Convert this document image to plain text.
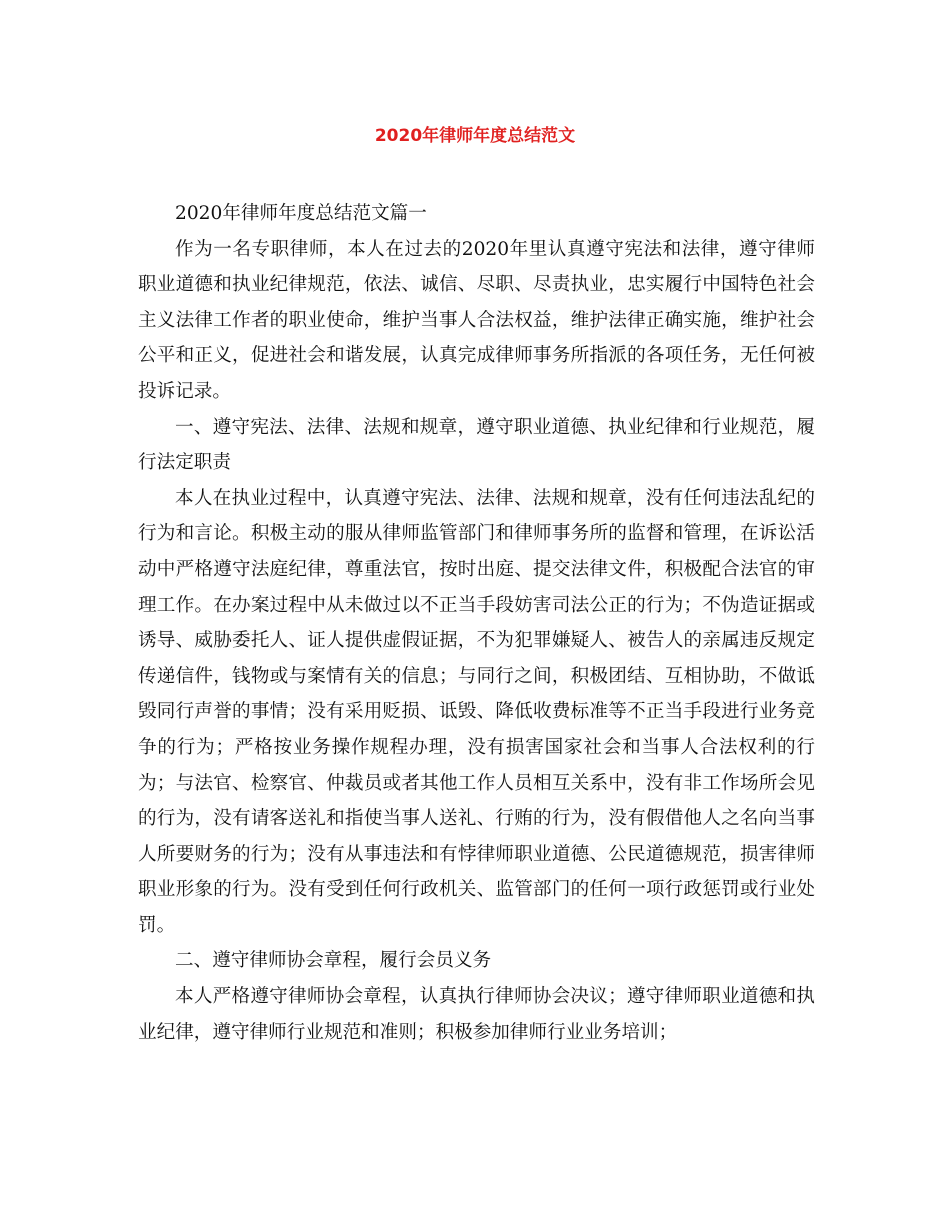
2020年律师年度总结范文

2020年律师年度总结范文篇一

作为一名专职律师，本人在过去的2020年里认真遵守宪法和法律，遵守律师职业道德和执业纪律规范，依法、诚信、尽职、尽责执业，忠实履行中国特色社会主义法律工作者的职业使命，维护当事人合法权益，维护法律正确实施，维护社会公平和正义，促进社会和谐发展，认真完成律师事务所指派的各项任务，无任何被投诉记录。

一、遵守宪法、法律、法规和规章，遵守职业道德、执业纪律和行业规范，履行法定职责

本人在执业过程中，认真遵守宪法、法律、法规和规章，没有任何违法乱纪的行为和言论。积极主动的服从律师监管部门和律师事务所的监督和管理，在诉讼活动中严格遵守法庭纪律，尊重法官，按时出庭、提交法律文件，积极配合法官的审理工作。在办案过程中从未做过以不正当手段妨害司法公正的行为；不伪造证据或诱导、威胁委托人、证人提供虚假证据，不为犯罪嫌疑人、被告人的亲属违反规定传递信件，钱物或与案情有关的信息；与同行之间，积极团结、互相协助，不做诋毁同行声誉的事情；没有采用贬损、诋毁、降低收费标准等不正当手段进行业务竞争的行为；严格按业务操作规程办理，没有损害国家社会和当事人合法权利的行为；与法官、检察官、仲裁员或者其他工作人员相互关系中，没有非工作场所会见的行为，没有请客送礼和指使当事人送礼、行贿的行为，没有假借他人之名向当事人所要财务的行为；没有从事违法和有悖律师职业道德、公民道德规范，损害律师职业形象的行为。没有受到任何行政机关、监管部门的任何一项行政惩罚或行业处罚。

二、遵守律师协会章程，履行会员义务

本人严格遵守律师协会章程，认真执行律师协会决议；遵守律师职业道德和执业纪律，遵守律师行业规范和准则；积极参加律师行业业务培训；
